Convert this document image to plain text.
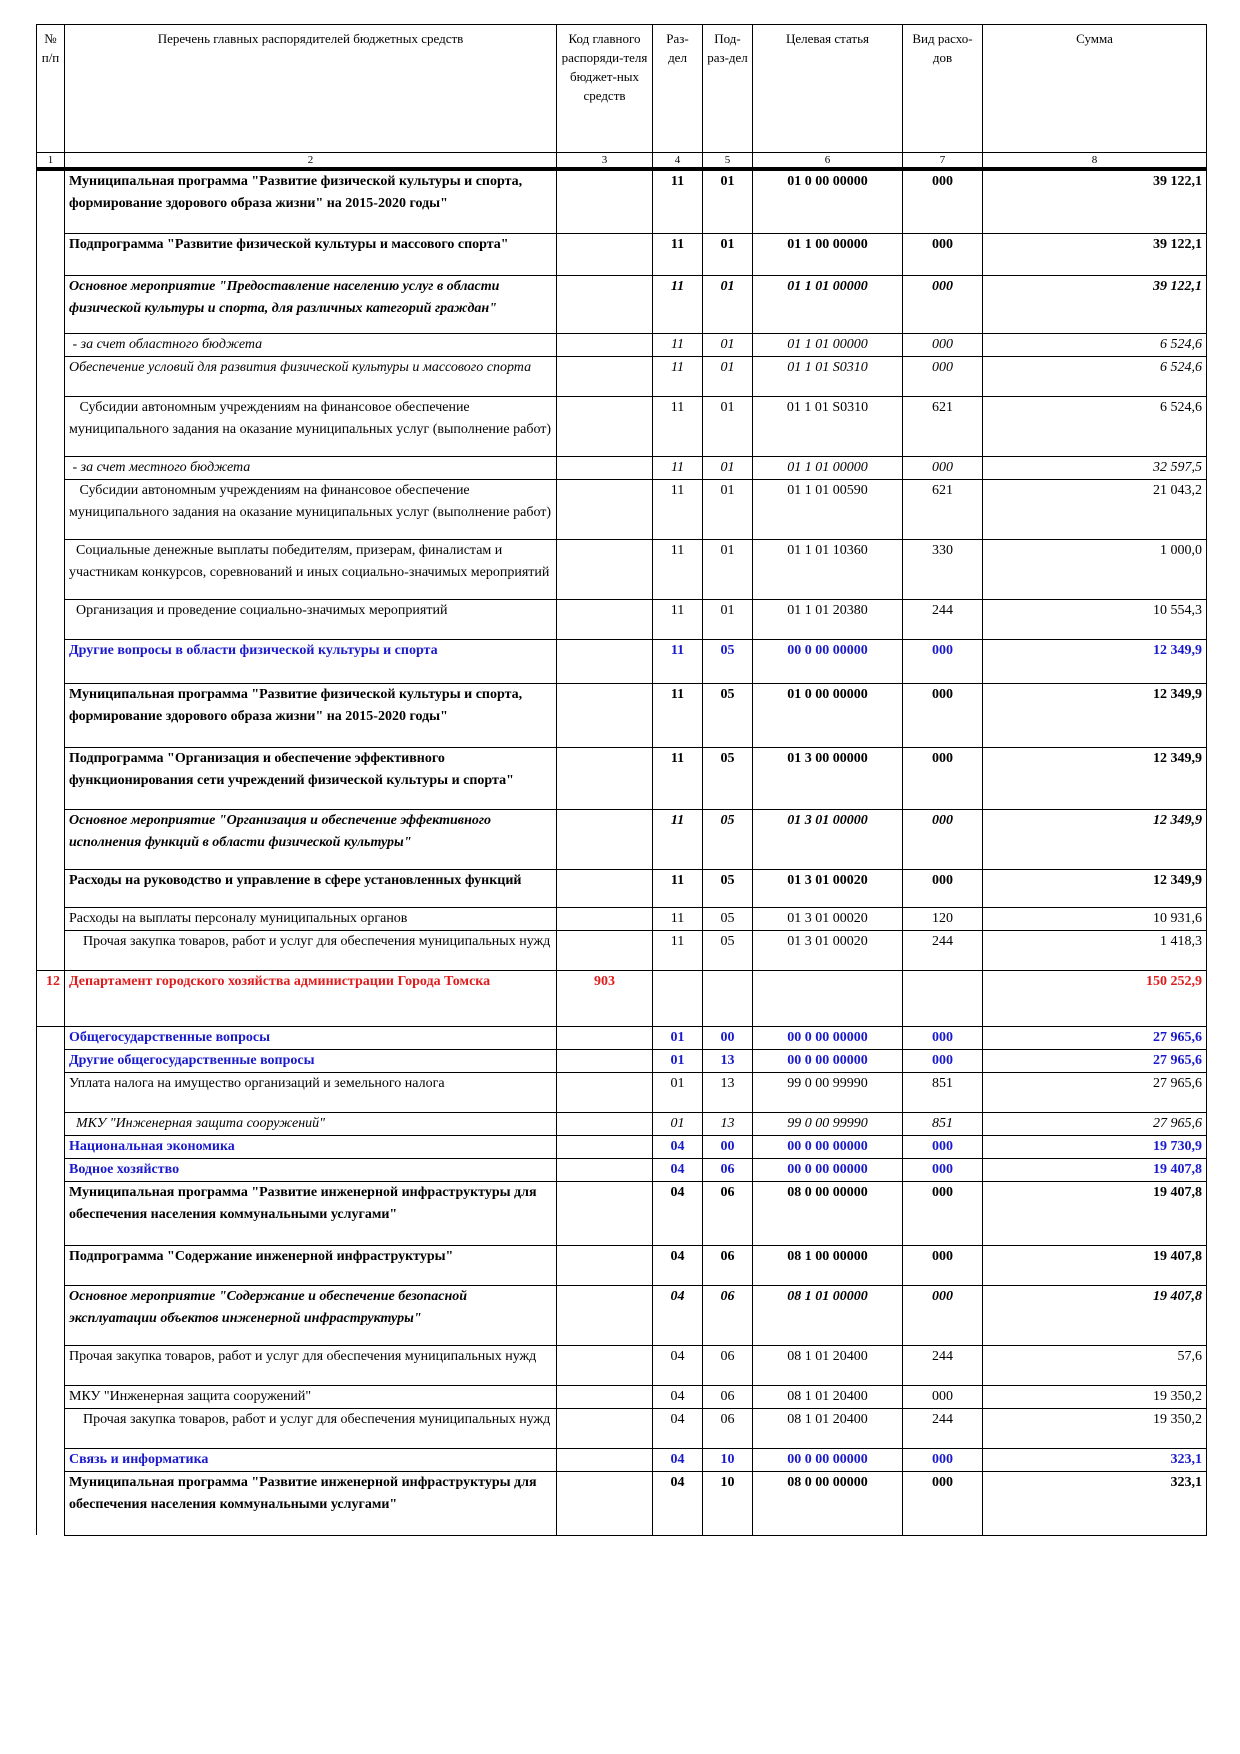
№ п/п	Перечень главных распорядителей бюджетных средств	Код главного распоряди-теля бюджет-ных средств	Раз-дел	Под-раз-дел	Целевая статья	Вид расхо-дов	Сумма
1	2	3	4	5	6	7	8
	Муниципальная программа "Развитие физической культуры и спорта, формирование здорового образа жизни" на 2015-2020 годы"		11	01	01 0 00 00000	000	39 122,1
	Подпрограмма "Развитие физической культуры и массового спорта"		11	01	01 1 00 00000	000	39 122,1
	Основное мероприятие "Предоставление населению услуг в области физической культуры и спорта, для различных категорий граждан"		11	01	01 1 01 00000	000	39 122,1
	- за счет областного бюджета		11	01	01 1 01 00000	000	6 524,6
	Обеспечение условий для развития физической культуры и массового спорта		11	01	01 1 01 S0310	000	6 524,6
	Субсидии автономным учреждениям на финансовое обеспечение муниципального задания на оказание муниципальных услуг (выполнение работ)		11	01	01 1 01 S0310	621	6 524,6
	- за счет местного бюджета		11	01	01 1 01 00000	000	32 597,5
	Субсидии автономным учреждениям на финансовое обеспечение муниципального задания на оказание муниципальных услуг (выполнение работ)		11	01	01 1 01 00590	621	21 043,2
	Социальные денежные выплаты победителям, призерам, финалистам и участникам конкурсов, соревнований и иных социально-значимых мероприятий		11	01	01 1 01 10360	330	1 000,0
	Организация и проведение социально-значимых мероприятий		11	01	01 1 01 20380	244	10 554,3
	Другие вопросы в области физической культуры и спорта		11	05	00 0 00 00000	000	12 349,9
	Муниципальная программа "Развитие физической культуры и спорта, формирование здорового образа жизни" на 2015-2020 годы"		11	05	01 0 00 00000	000	12 349,9
	Подпрограмма "Организация и обеспечение эффективного функционирования сети учреждений физической культуры и спорта"		11	05	01 3 00 00000	000	12 349,9
	Основное мероприятие "Организация и обеспечение эффективного исполнения функций в области физической культуры"		11	05	01 3 01 00000	000	12 349,9
	Расходы на руководство и управление в сфере установленных функций		11	05	01 3 01 00020	000	12 349,9
	Расходы на выплаты персоналу муниципальных органов		11	05	01 3 01 00020	120	10 931,6
	Прочая закупка товаров, работ и услуг для обеспечения муниципальных нужд		11	05	01 3 01 00020	244	1 418,3
12	Департамент городского хозяйства администрации Города Томска	903					150 252,9
	Общегосударственные вопросы		01	00	00 0 00 00000	000	27 965,6
	Другие общегосударственные вопросы		01	13	00 0 00 00000	000	27 965,6
	Уплата налога на имущество организаций и земельного налога		01	13	99 0 00 99990	851	27 965,6
	МКУ "Инженерная защита сооружений"		01	13	99 0 00 99990	851	27 965,6
	Национальная экономика		04	00	00 0 00 00000	000	19 730,9
	Водное хозяйство		04	06	00 0 00 00000	000	19 407,8
	Муниципальная программа "Развитие инженерной инфраструктуры для обеспечения населения коммунальными услугами"		04	06	08 0 00 00000	000	19 407,8
	Подпрограмма "Содержание инженерной инфраструктуры"		04	06	08 1 00 00000	000	19 407,8
	Основное мероприятие "Содержание и обеспечение безопасной эксплуатации объектов инженерной инфраструктуры"		04	06	08 1 01 00000	000	19 407,8
	Прочая закупка товаров, работ и услуг для обеспечения муниципальных нужд		04	06	08 1 01 20400	244	57,6
	МКУ "Инженерная защита сооружений"		04	06	08 1 01 20400	000	19 350,2
	Прочая закупка товаров, работ и услуг для обеспечения муниципальных нужд		04	06	08 1 01 20400	244	19 350,2
	Связь и информатика		04	10	00 0 00 00000	000	323,1
	Муниципальная программа "Развитие инженерной инфраструктуры для обеспечения населения коммунальными услугами"		04	10	08 0 00 00000	000	323,1
